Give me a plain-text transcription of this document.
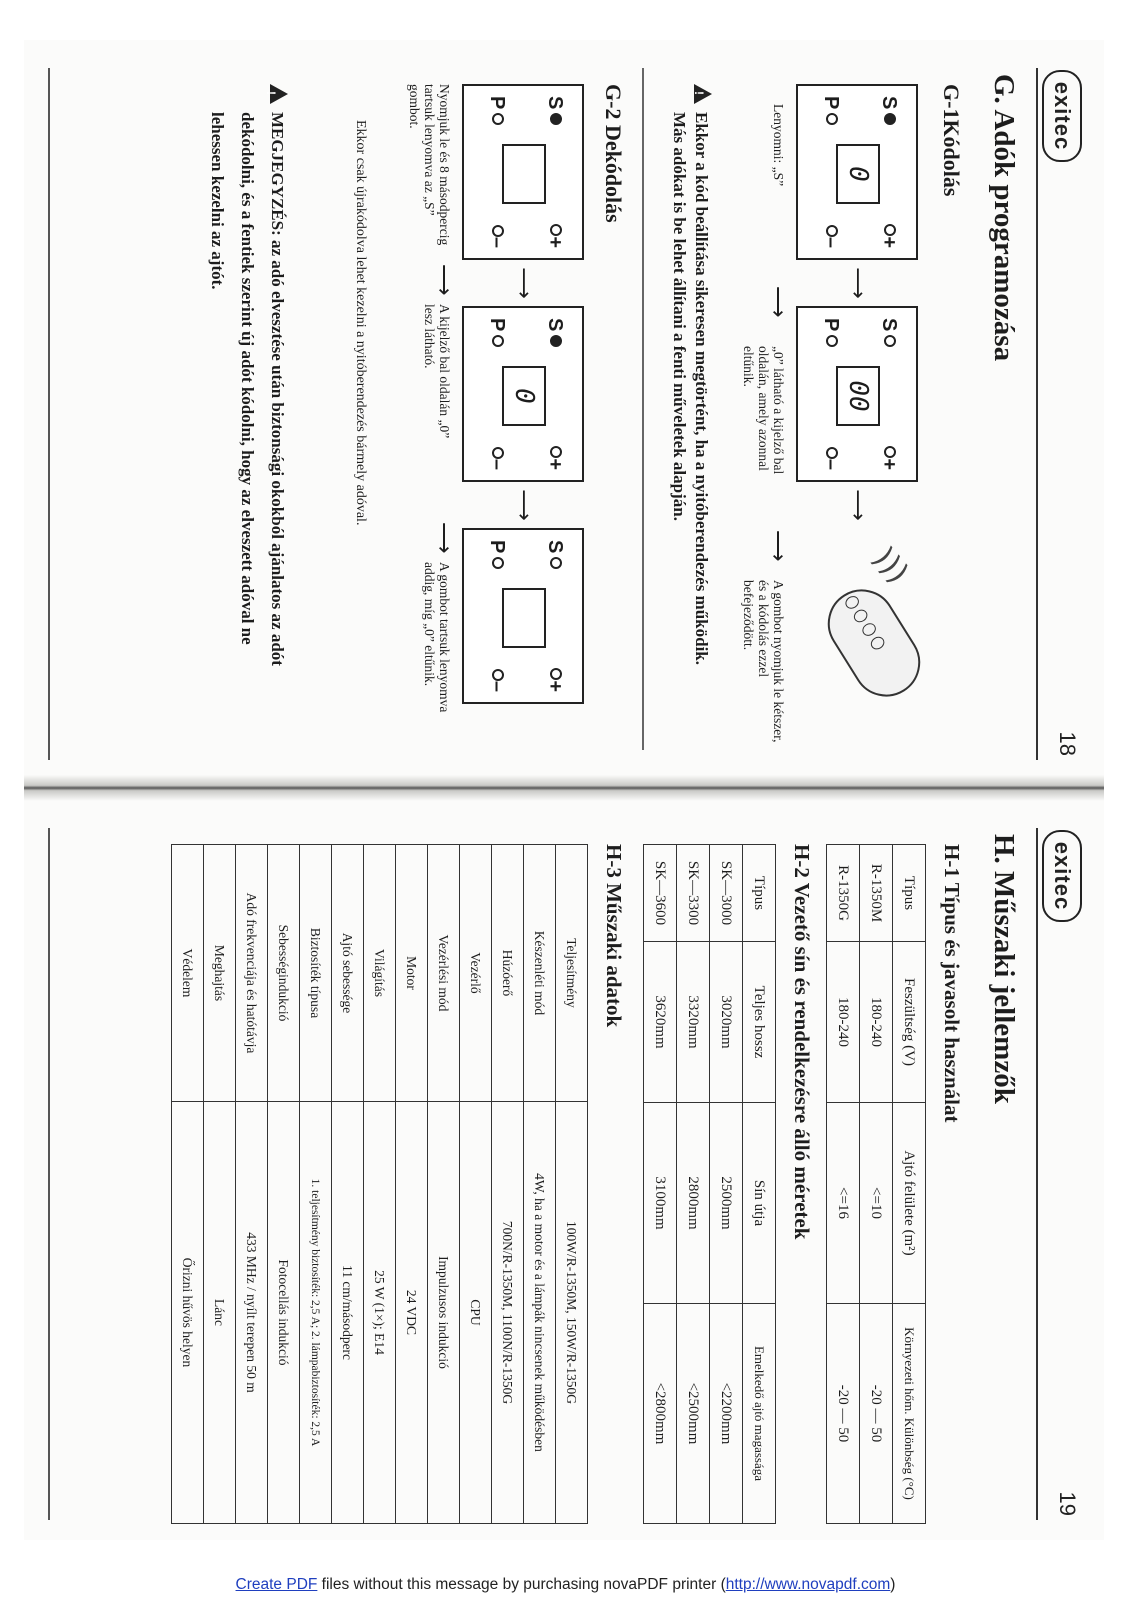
exitec
18
G. Adók programozása
G-1Kódolás
S
P
0
+
–
⟶
S
P
00
+
–
⟶
)))
Lenyomni: „S”
⟶
„0” látható a kijelző bal oldalán, amely azonnal eltűnik.
⟶
A gombot nyomjuk le kétszer, és a kódolás ezzel befejeződött.
!Ekkor a kód beállítása sikeresen megtörtént, ha a nyitóberendezés működik.
Más adókat is be lehet állítani a fenti műveletek alapján.
G-2 Dekódolás
S
P
+
–
⟶
S
P
0
+
–
⟶
S
P
+
–
Nyomjuk le és 8 másodpercig tartsuk lenyomva az „S” gombot.
⟶
A kijelző bal oldalán „0” lesz látható.
⟶
A gombot tartsuk lenyomva addig, míg „0” eltűnik.
Ekkor csak újrakódolva lehet kezelni a nyitóberendezés bármely adóval.
!MEGJEGYZÉS: az adó elvesztése után biztonsági okokból ajánlatos az adót
dekódolni, és a fentiek szerint új adót kódolni, hogy az elveszett adóval ne
lehessen kezelni az ajtót.
exitec
19
H. Műszaki jellemzők
H-1 Típus és javasolt használat
Típus	Feszültség (V)	Ajtó felülete (m²)	Környezeti hőm. Különbség (°C)
R-1350M	180-240	<=10	-20 — 50
R-1350G	180-240	<=16	-20 — 50
H-2 Vezető sín és rendelkezésre álló méretek
Típus	Teljes hossz	Sín útja	Emelkedő ajtó magassága
SK—3000	3020mm	2500mm	<2200mm
SK—3300	3320mm	2800mm	<2500mm
SK—3600	3620mm	3100mm	<2800mm
H-3 Műszaki adatok
Teljesítmény	100W/R-1350M, 150W/R-1350G
Készenléti mód	4W, ha a motor és a lámpák nincsenek működésben
Húzóerő	700N/R-1350M, 1100N/R-1350G
Vezérlő	CPU
Vezérlési mód	Impulzusos indukció
Motor	24 VDC
Világítás	25 W (1×); E14
Ajtó sebessége	11 cm/másodperc
Biztosíték típusa	1. teljesítmény biztosíték: 2,5 A; 2. lámpabiztosíték: 2,5 A
Sebességindukció	Fotocellás indukció
Adó frekvenciája és hatótávja	433 MHz / nyílt terepen 50 m
Meghajtás	Lánc
Védelem	Őrizni hűvös helyen
Create PDF files without this message by purchasing novaPDF printer (http://www.novapdf.com)
